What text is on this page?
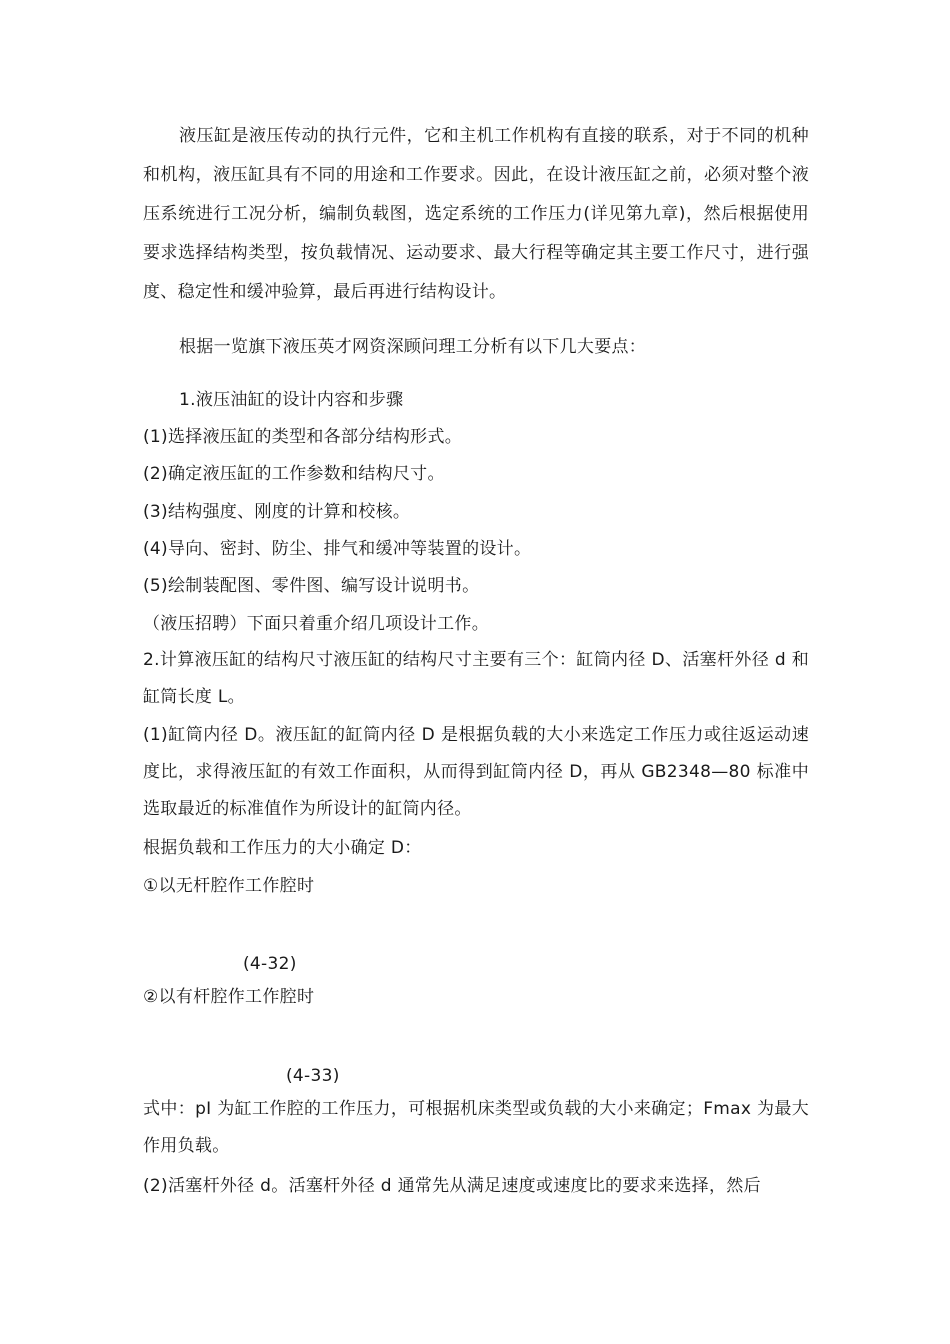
液压缸是液压传动的执行元件，它和主机工作机构有直接的联系，对于不同的机种和机构，液压缸具有不同的用途和工作要求。因此，在设计液压缸之前，必须对整个液压系统进行工况分析，编制负载图，选定系统的工作压力(详见第九章)，然后根据使用要求选择结构类型，按负载情况、运动要求、最大行程等确定其主要工作尺寸，进行强度、稳定性和缓冲验算，最后再进行结构设计。

根据一览旗下液压英才网资深顾问理工分析有以下几大要点：

1.液压油缸的设计内容和步骤
(1)选择液压缸的类型和各部分结构形式。
(2)确定液压缸的工作参数和结构尺寸。
(3)结构强度、刚度的计算和校核。
(4)导向、密封、防尘、排气和缓冲等装置的设计。
(5)绘制装配图、零件图、编写设计说明书。
（液压招聘）下面只着重介绍几项设计工作。

2.计算液压缸的结构尺寸液压缸的结构尺寸主要有三个：缸筒内径 D、活塞杆外径 d 和缸筒长度 L。

(1)缸筒内径 D。液压缸的缸筒内径 D 是根据负载的大小来选定工作压力或往返运动速度比，求得液压缸的有效工作面积，从而得到缸筒内径 D，再从 GB2348—80 标准中选取最近的标准值作为所设计的缸筒内径。

根据负载和工作压力的大小确定 D：
①以无杆腔作工作腔时
(4-32)
②以有杆腔作工作腔时
(4-33)

式中：pI 为缸工作腔的工作压力，可根据机床类型或负载的大小来确定；Fmax 为最大作用负载。

(2)活塞杆外径 d。活塞杆外径 d 通常先从满足速度或速度比的要求来选择，然后
